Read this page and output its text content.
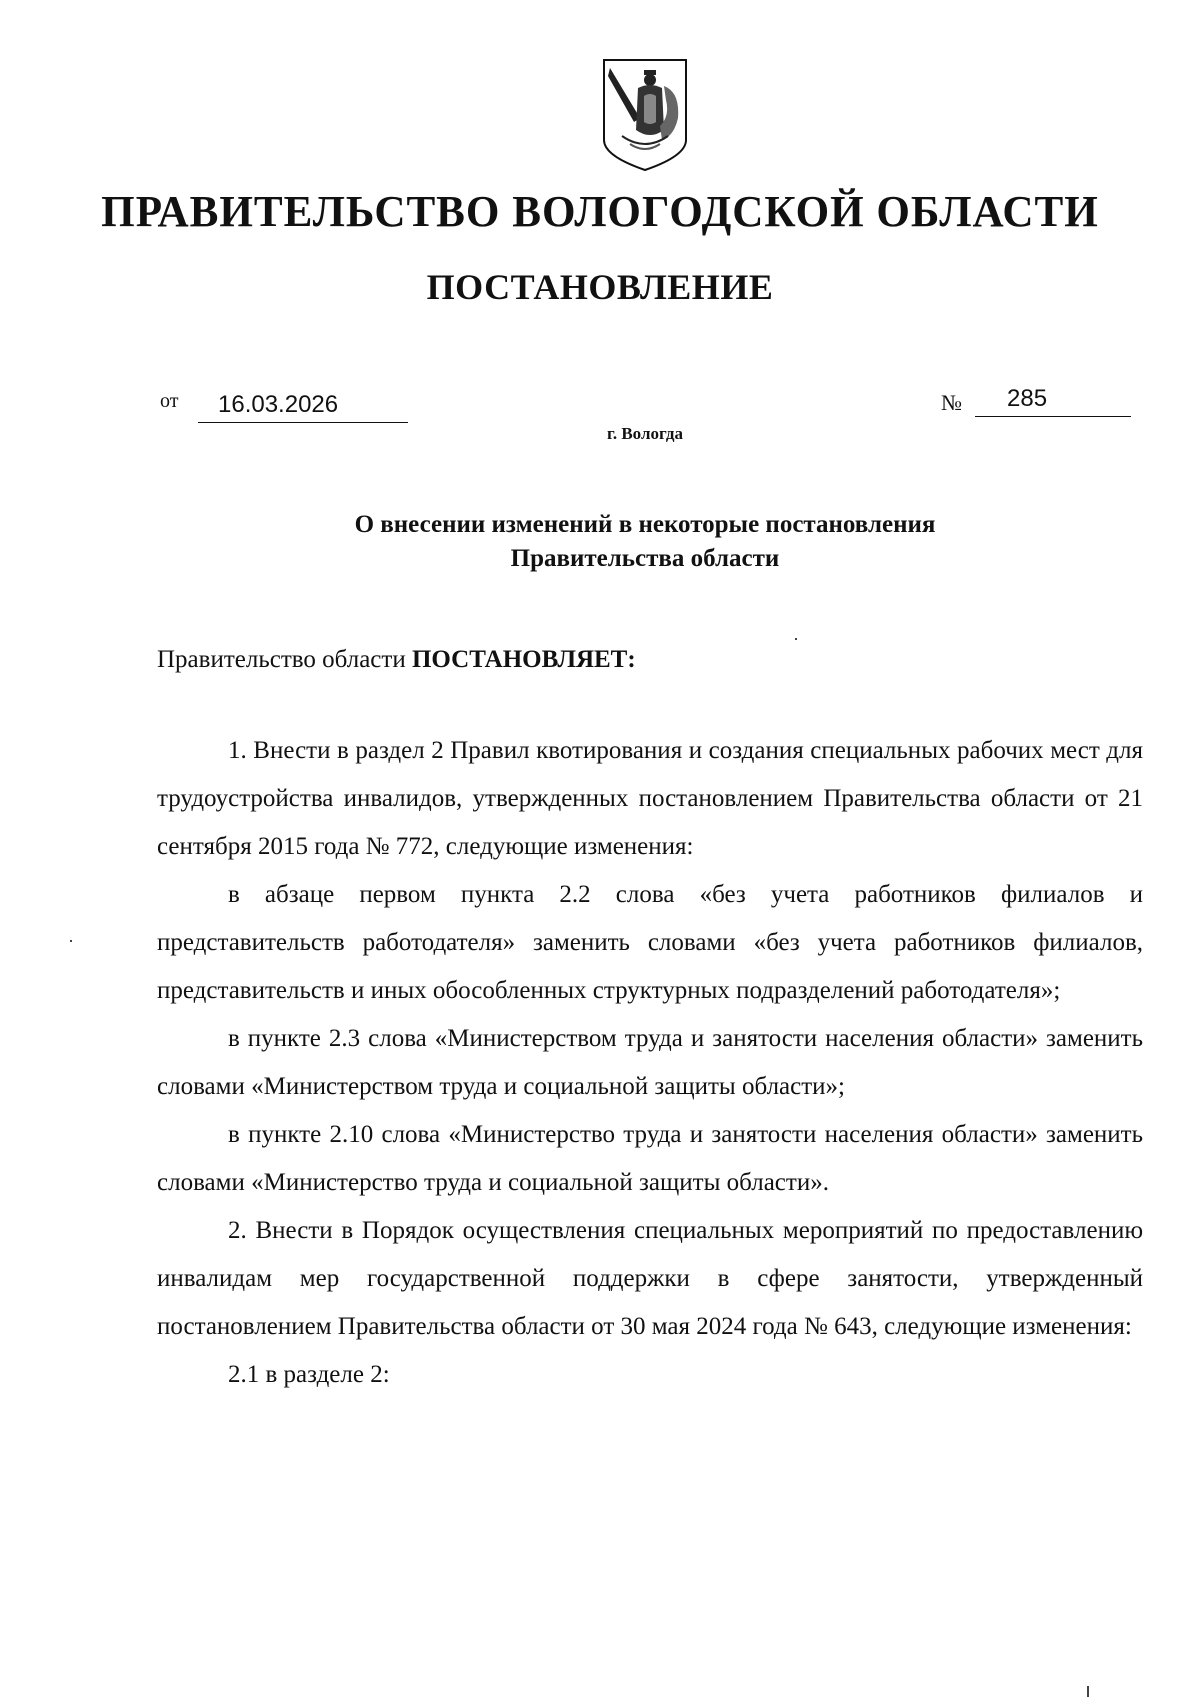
ПРАВИТЕЛЬСТВО ВОЛОГОДСКОЙ ОБЛАСТИ
ПОСТАНОВЛЕНИЕ
от	16.03.2026	№	285
г. Вологда
О внесении изменений в некоторые постановления
Правительства области

Правительство области ПОСТАНОВЛЯЕТ:

1. Внести в раздел 2 Правил квотирования и создания специальных рабочих мест для трудоустройства инвалидов, утвержденных постановлением Правительства области от 21 сентября 2015 года № 772, следующие изменения:

в абзаце первом пункта 2.2 слова «без учета работников филиалов и представительств работодателя» заменить словами «без учета работников филиалов, представительств и иных обособленных структурных подразделений работодателя»;

в пункте 2.3 слова «Министерством труда и занятости населения области» заменить словами «Министерством труда и социальной защиты области»;

в пункте 2.10 слова «Министерство труда и занятости населения области» заменить словами «Министерство труда и социальной защиты области».

2. Внести в Порядок осуществления специальных мероприятий по предоставлению инвалидам мер государственной поддержки в сфере занятости, утвержденный постановлением Правительства области от 30 мая 2024 года № 643, следующие изменения:

2.1 в разделе 2:
